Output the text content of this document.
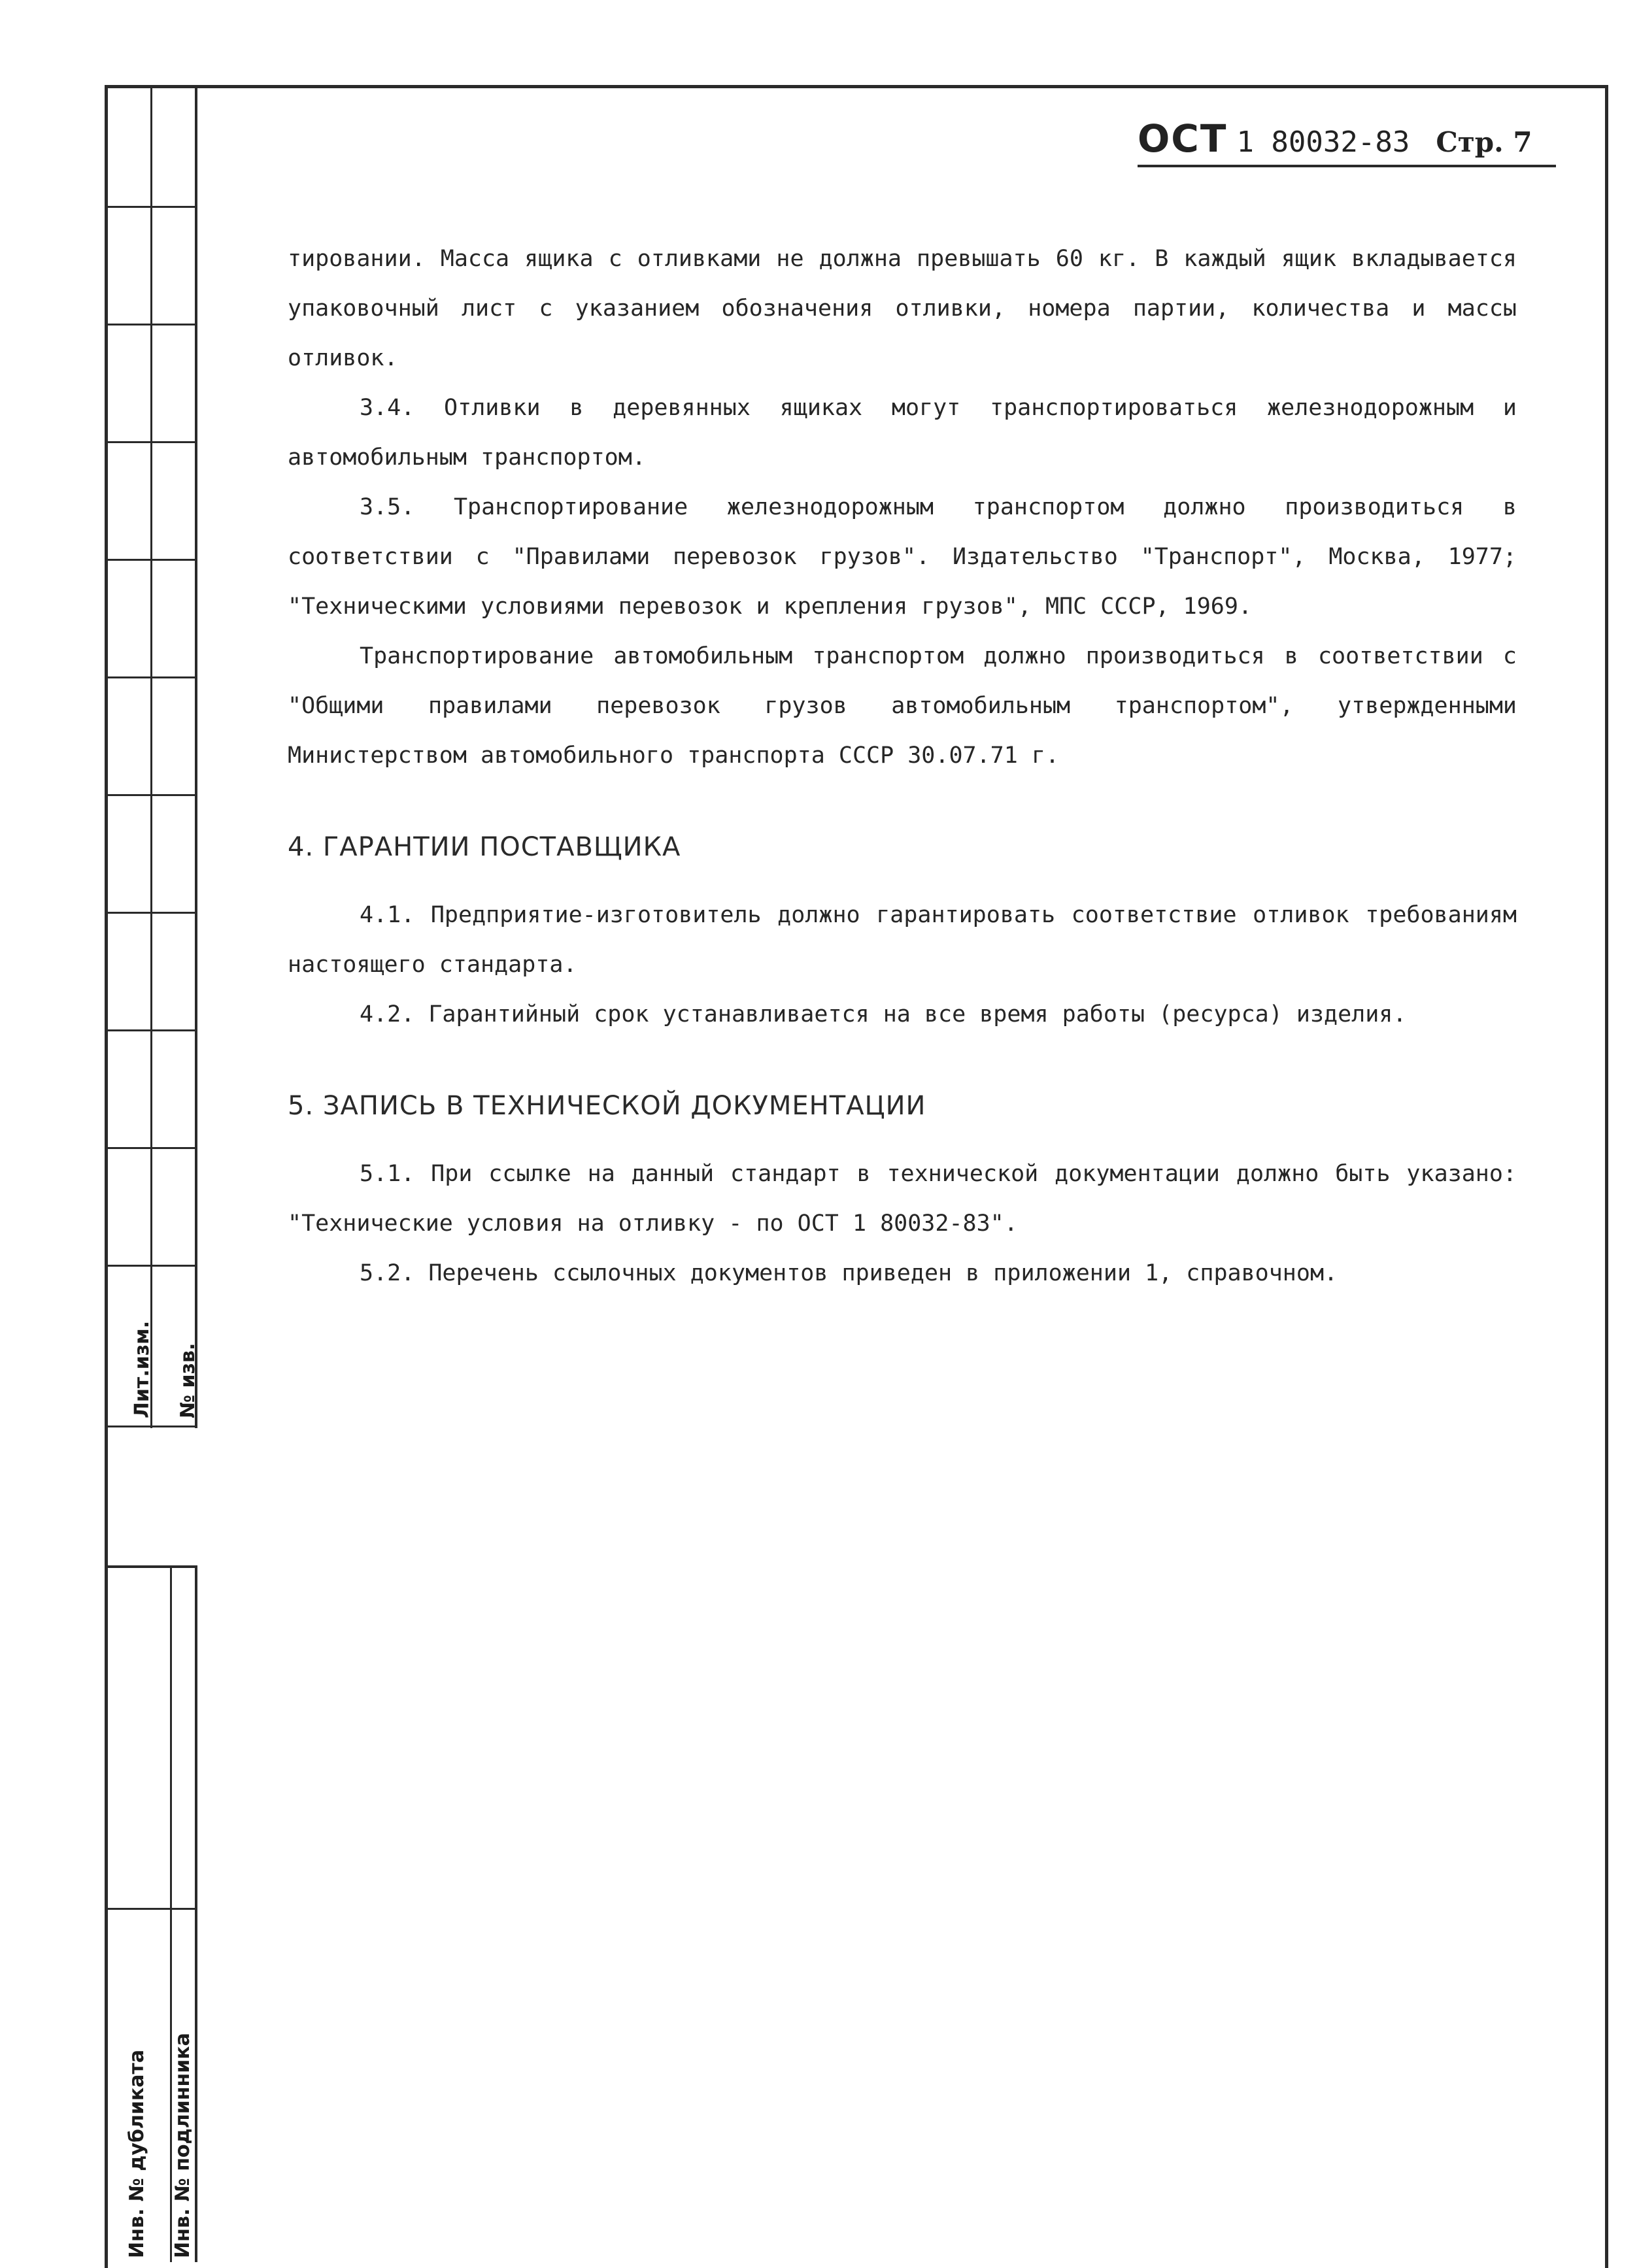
Лит.изм. № изв.
Инв. № дубликата Инв. № подлинника
ОСТ 1 80032-83 Стр. 7

тировании. Масса ящика с отливками не должна превышать 60 кг. В каждый ящик вкладывается упаковочный лист с указанием обозначения отливки, номера партии, количества и массы отливок.

3.4. Отливки в деревянных ящиках могут транспортироваться железнодорожным и автомобильным транспортом.

3.5. Транспортирование железнодорожным транспортом должно производиться в соответствии с "Правилами перевозок грузов". Издательство "Транспорт", Москва, 1977; "Техническими условиями перевозок и крепления грузов", МПС СССР, 1969.

Транспортирование автомобильным транспортом должно производиться в соответствии с "Общими правилами перевозок грузов автомобильным транспортом", утвержденными Министерством автомобильного транспорта СССР 30.07.71 г.

4. ГАРАНТИИ ПОСТАВЩИКА

4.1. Предприятие-изготовитель должно гарантировать соответствие отливок требованиям настоящего стандарта.

4.2. Гарантийный срок устанавливается на все время работы (ресурса) изделия.

5. ЗАПИСЬ В ТЕХНИЧЕСКОЙ ДОКУМЕНТАЦИИ

5.1. При ссылке на данный стандарт в технической документации должно быть указано: "Технические условия на отливку - по ОСТ 1 80032-83".

5.2. Перечень ссылочных документов приведен в приложении 1, справочном.
